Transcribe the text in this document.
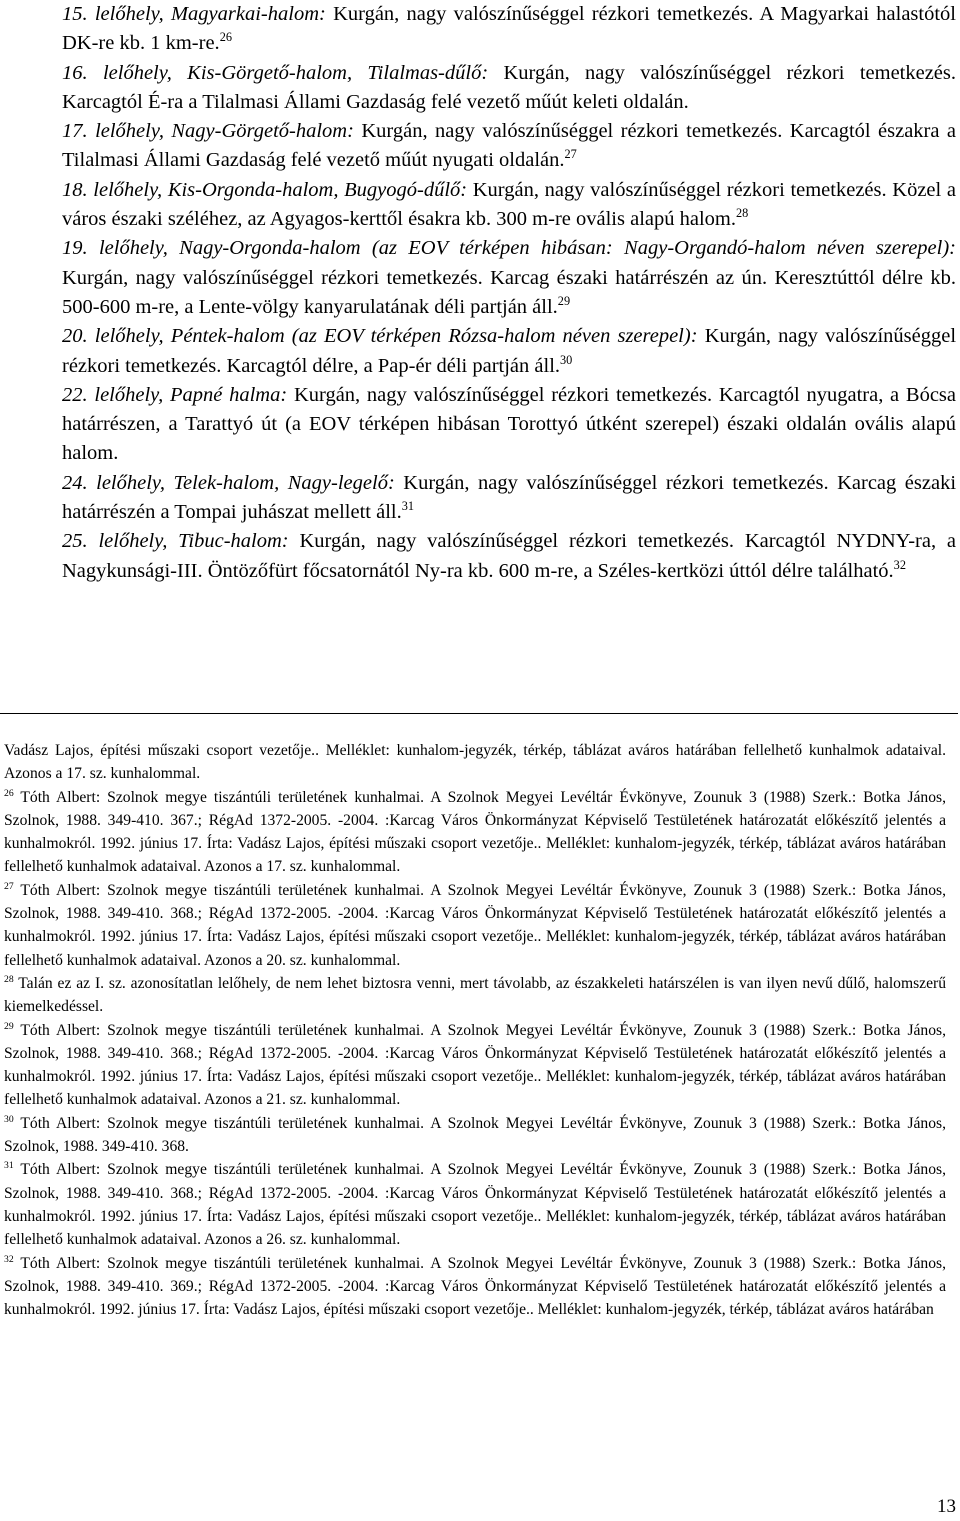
15. lelőhely, Magyarkai-halom: Kurgán, nagy valószínűséggel rézkori temetkezés. A Magyarkai halastótól DK-re kb. 1 km-re.$^{26}$

16. lelőhely, Kis-Görgető-halom, Tilalmas-dűlő: Kurgán, nagy valószínűséggel rézkori temetkezés. Karcagtól É-ra a Tilalmasi Állami Gazdaság felé vezető műút keleti oldalán.

17. lelőhely, Nagy-Görgető-halom: Kurgán, nagy valószínűséggel rézkori temetkezés. Karcagtól északra a Tilalmasi Állami Gazdaság felé vezető műút nyugati oldalán.$^{27}$

18. lelőhely, Kis-Orgonda-halom, Bugyogó-dűlő: Kurgán, nagy valószínűséggel rézkori temetkezés. Közel a város északi széléhez, az Agyagos-kerttől ésakra kb. 300 m-re ovális alapú halom.$^{28}$

19. lelőhely, Nagy-Orgonda-halom (az EOV térképen hibásan: Nagy-Organdó-halom néven szerepel): Kurgán, nagy valószínűséggel rézkori temetkezés. Karcag északi határrészén az ún. Keresztúttól délre kb. 500-600 m-re, a Lente-völgy kanyarulatának déli partján áll.$^{29}$

20. lelőhely, Péntek-halom (az EOV térképen Rózsa-halom néven szerepel): Kurgán, nagy valószínűséggel rézkori temetkezés. Karcagtól délre, a Pap-ér déli partján áll.$^{30}$

22. lelőhely, Papné halma: Kurgán, nagy valószínűséggel rézkori temetkezés. Karcagtól nyugatra, a Bócsa határrészen, a Tarattyó út (a EOV térképen hibásan Torottyó útként szerepel) északi oldalán ovális alapú halom.

24. lelőhely, Telek-halom, Nagy-legelő: Kurgán, nagy valószínűséggel rézkori temetkezés. Karcag északi határrészén a Tompai juhászat mellett áll.$^{31}$

25. lelőhely, Tibuc-halom: Kurgán, nagy valószínűséggel rézkori temetkezés. Karcagtól NYDNY-ra, a Nagykunsági-III. Öntözőfürt főcsatornától Ny-ra kb. 600 m-re, a Széles-kertközi úttól délre található.$^{32}$

Vadász Lajos, építési műszaki csoport vezetője.. Melléklet: kunhalom-jegyzék, térkép, táblázat aváros határában fellelhető kunhalmok adataival. Azonos a 17. sz. kunhalommal.

$^{26}$ Tóth Albert: Szolnok megye tiszántúli területének kunhalmai. A Szolnok Megyei Levéltár Évkönyve, Zounuk 3 (1988) Szerk.: Botka János, Szolnok, 1988. 349-410. 367.; RégAd 1372-2005. -2004. :Karcag Város Önkormányzat Képviselő Testületének határozatát előkészítő jelentés a kunhalmokról. 1992. június 17. Írta: Vadász Lajos, építési műszaki csoport vezetője.. Melléklet: kunhalom-jegyzék, térkép, táblázat aváros határában fellelhető kunhalmok adataival. Azonos a 17. sz. kunhalommal.

$^{27}$ Tóth Albert: Szolnok megye tiszántúli területének kunhalmai. A Szolnok Megyei Levéltár Évkönyve, Zounuk 3 (1988) Szerk.: Botka János, Szolnok, 1988. 349-410. 368.; RégAd 1372-2005. -2004. :Karcag Város Önkormányzat Képviselő Testületének határozatát előkészítő jelentés a kunhalmokról. 1992. június 17. Írta: Vadász Lajos, építési műszaki csoport vezetője.. Melléklet: kunhalom-jegyzék, térkép, táblázat aváros határában fellelhető kunhalmok adataival. Azonos a 20. sz. kunhalommal.

$^{28}$ Talán ez az I. sz. azonosítatlan lelőhely, de nem lehet biztosra venni, mert távolabb, az északkeleti határszélen is van ilyen nevű dűlő, halomszerű kiemelkedéssel.

$^{29}$ Tóth Albert: Szolnok megye tiszántúli területének kunhalmai. A Szolnok Megyei Levéltár Évkönyve, Zounuk 3 (1988) Szerk.: Botka János, Szolnok, 1988. 349-410. 368.; RégAd 1372-2005. -2004. :Karcag Város Önkormányzat Képviselő Testületének határozatát előkészítő jelentés a kunhalmokról. 1992. június 17. Írta: Vadász Lajos, építési műszaki csoport vezetője.. Melléklet: kunhalom-jegyzék, térkép, táblázat aváros határában fellelhető kunhalmok adataival. Azonos a 21. sz. kunhalommal.

$^{30}$ Tóth Albert: Szolnok megye tiszántúli területének kunhalmai. A Szolnok Megyei Levéltár Évkönyve, Zounuk 3 (1988) Szerk.: Botka János, Szolnok, 1988. 349-410. 368.

$^{31}$ Tóth Albert: Szolnok megye tiszántúli területének kunhalmai. A Szolnok Megyei Levéltár Évkönyve, Zounuk 3 (1988) Szerk.: Botka János, Szolnok, 1988. 349-410. 368.; RégAd 1372-2005. -2004. :Karcag Város Önkormányzat Képviselő Testületének határozatát előkészítő jelentés a kunhalmokról. 1992. június 17. Írta: Vadász Lajos, építési műszaki csoport vezetője.. Melléklet: kunhalom-jegyzék, térkép, táblázat aváros határában fellelhető kunhalmok adataival. Azonos a 26. sz. kunhalommal.

$^{32}$ Tóth Albert: Szolnok megye tiszántúli területének kunhalmai. A Szolnok Megyei Levéltár Évkönyve, Zounuk 3 (1988) Szerk.: Botka János, Szolnok, 1988. 349-410. 369.; RégAd 1372-2005. -2004. :Karcag Város Önkormányzat Képviselő Testületének határozatát előkészítő jelentés a kunhalmokról. 1992. június 17. Írta: Vadász Lajos, építési műszaki csoport vezetője.. Melléklet: kunhalom-jegyzék, térkép, táblázat aváros határában

13
